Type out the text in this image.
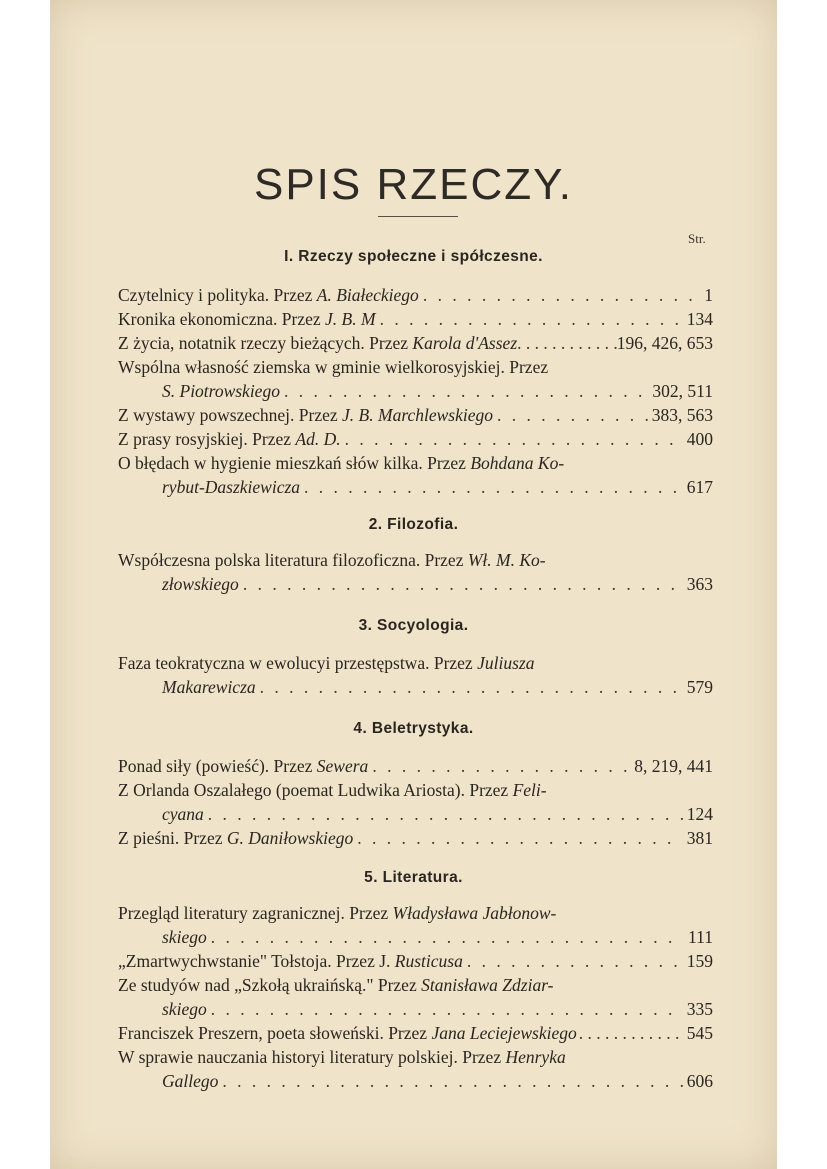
SPIS RZECZY.
Str.
I. Rzeczy społeczne i spółczesne.
Czytelnicy i polityka. Przez A. Białeckiego . . .	1
Kronika ekonomiczna. Przez J. B. M . . .	134
Z życia, notatnik rzeczy bieżących. Przez Karola d'Assez . . .	196, 426, 653
Wspólna własność ziemska w gminie wielkorosyjskiej. Przez
S. Piotrowskiego . . .	302, 511
Z wystawy powszechnej. Przez J. B. Marchlewskiego . . .	383, 563
Z prasy rosyjskiej. Przez Ad. D. . . .	400
O błędach w hygienie mieszkań słów kilka. Przez Bohdana Ko-
rybut-Daszkiewicza . . .	617
2. Filozofia.
Współczesna polska literatura filozoficzna. Przez Wł. M. Ko-
złowskiego . . .	363
3. Socyologia.
Faza teokratyczna w ewolucyi przestępstwa. Przez Juliusza
Makarewicza . . .	579
4. Beletrystyka.
Ponad siły (powieść). Przez Sewera . . .	8, 219, 441
Z Orlanda Oszalałego (poemat Ludwika Ariosta). Przez Feli-
cyana . . .	124
Z pieśni. Przez G. Daniłowskiego . . .	381
5. Literatura.
Przegląd literatury zagranicznej. Przez Władysława Jabłonow-
skiego . . .	111
„Zmartwychwstanie" Tołstoja. Przez J. Rusticusa . . .	159
Ze studyów nad „Szkołą ukraińską." Przez Stanisława Zdziar-
skiego . . .	335
Franciszek Preszern, poeta słoweński. Przez Jana Leciejewskiego . . .	545
W sprawie nauczania historyi literatury polskiej. Przez Henryka
Gallego . . .	606
